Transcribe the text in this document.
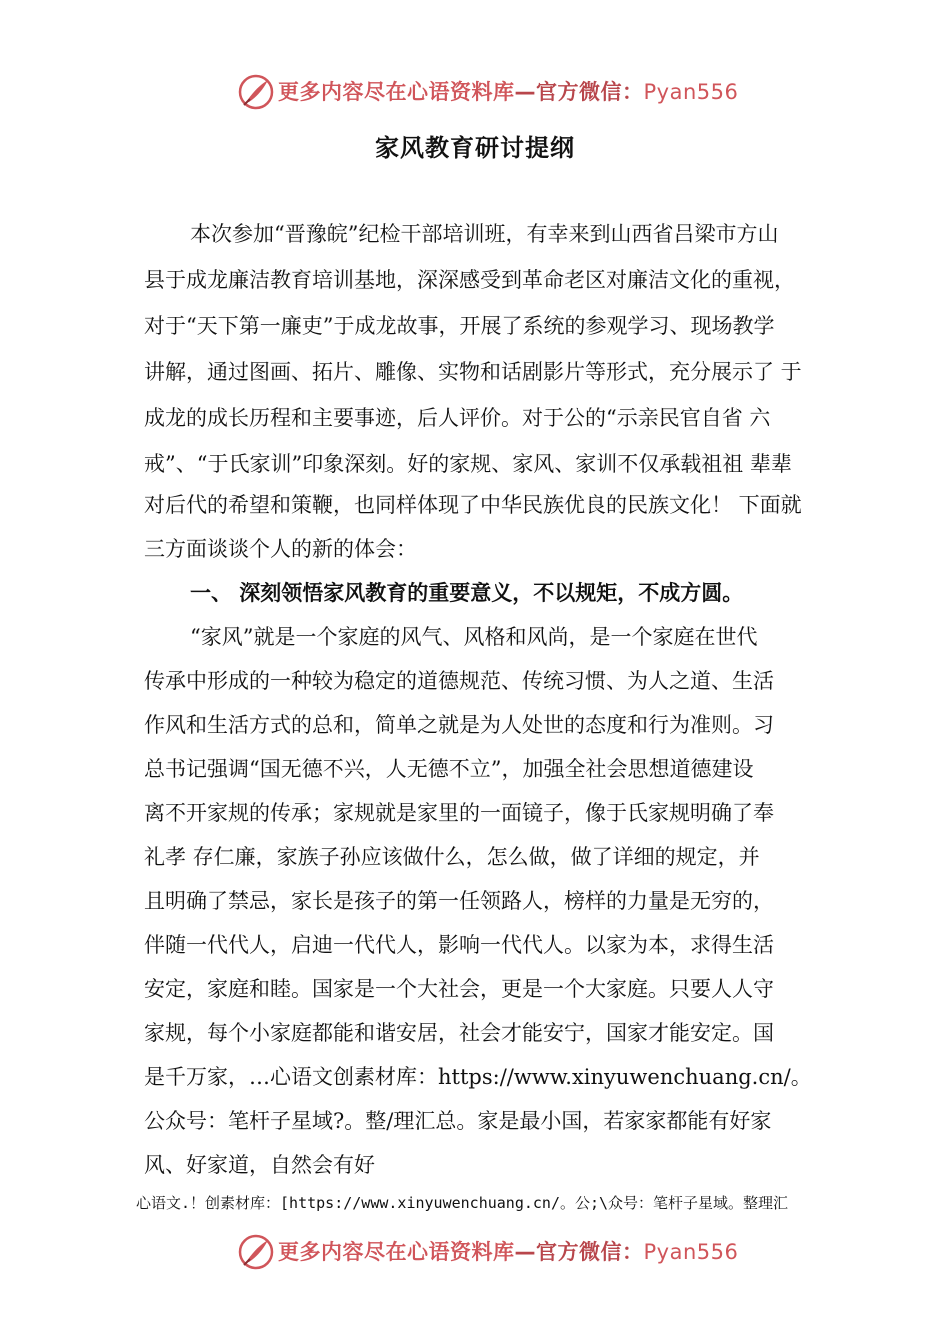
更多内容尽在心语资料库—官方微信：Pyan556
家风教育研讨提纲
本次参加“晋豫皖”纪检干部培训班，有幸来到山西省吕梁市方山
县于成龙廉洁教育培训基地，深深感受到革命老区对廉洁文化的重视，
对于“天下第一廉吏”于成龙故事，开展了系统的参观学习、现场教学
讲解，通过图画、拓片、雕像、实物和话剧影片等形式，充分展示了 于
成龙的成长历程和主要事迹，后人评价。对于公的“示亲民官自省 六
戒”、“于氏家训”印象深刻。好的家规、家风、家训不仅承载祖祖 辈辈
对后代的希望和策鞭，也同样体现了中华民族优良的民族文化！ 下面就
三方面谈谈个人的新的体会：
一、 深刻领悟家风教育的重要意义，不以规矩，不成方圆。
“家风”就是一个家庭的风气、风格和风尚，是一个家庭在世代
传承中形成的一种较为稳定的道德规范、传统习惯、为人之道、生活
作风和生活方式的总和，简单之就是为人处世的态度和行为准则。习
总书记强调“国无德不兴，人无德不立”，加强全社会思想道德建设
离不开家规的传承；家规就是家里的一面镜子，像于氏家规明确了奉
礼孝 存仁廉，家族子孙应该做什么，怎么做，做了详细的规定，并
且明确了禁忌，家长是孩子的第一任领路人，榜样的力量是无穷的，
伴随一代代人，启迪一代代人，影响一代代人。以家为本，求得生活
安定，家庭和睦。国家是一个大社会，更是一个大家庭。只要人人守
家规，每个小家庭都能和谐安居，社会才能安宁，国家才能安定。国
是千万家，…心语文创素材库：https://www.xinyuwenchuang.cn/。
公众号：笔杆子星域?。整/理汇总。家是最小国，若家家都能有好家
风、好家道，自然会有好
心语文.！创素材库：[https://www.xinyuwenchuang.cn/。公;\众号：笔杆子星域。整理汇
更多内容尽在心语资料库—官方微信：Pyan556
